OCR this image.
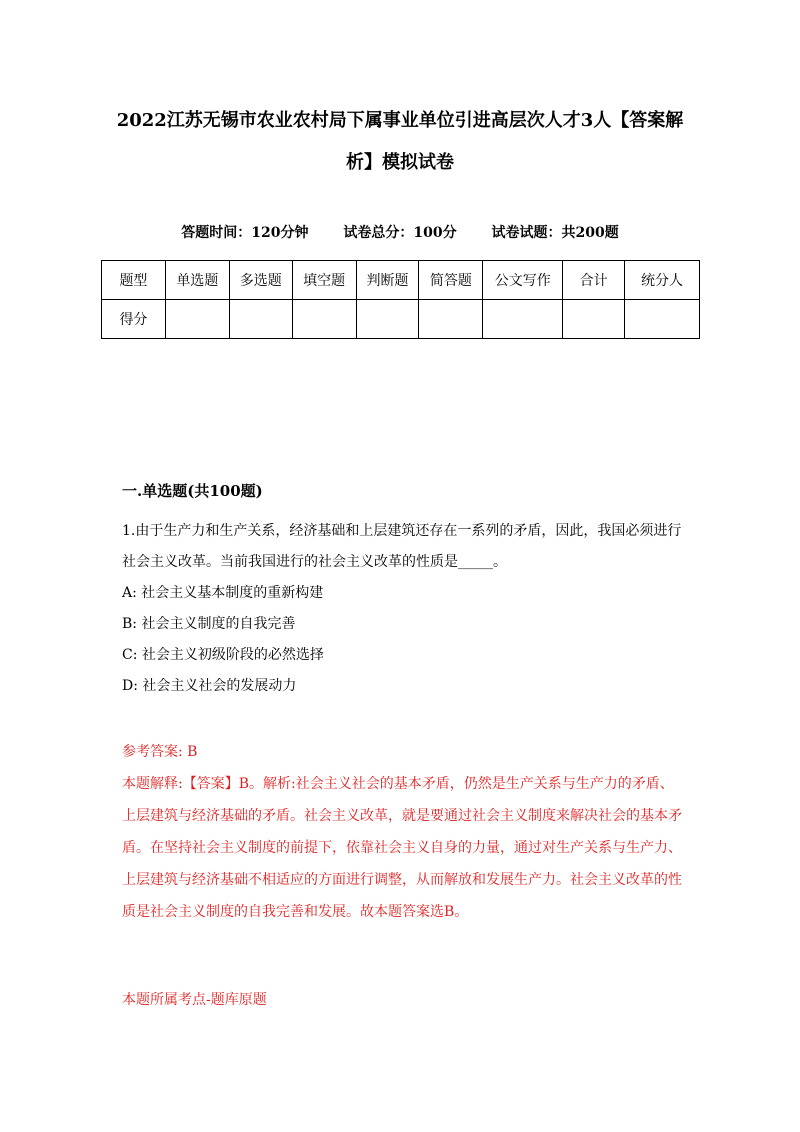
2022江苏无锡市农业农村局下属事业单位引进高层次人才3人【答案解析】模拟试卷
答题时间：120分钟 试卷总分：100分 试卷试题：共200题
题型	单选题	多选题	填空题	判断题	简答题	公文写作	合计	统分人
得分								
一.单选题(共100题)

1.由于生产力和生产关系，经济基础和上层建筑还存在一系列的矛盾，因此，我国必须进行社会主义改革。当前我国进行的社会主义改革的性质是_____。

A: 社会主义基本制度的重新构建

B: 社会主义制度的自我完善

C: 社会主义初级阶段的必然选择

D: 社会主义社会的发展动力

参考答案: B

本题解释:【答案】B。解析:社会主义社会的基本矛盾，仍然是生产关系与生产力的矛盾、上层建筑与经济基础的矛盾。社会主义改革，就是要通过社会主义制度来解决社会的基本矛盾。在坚持社会主义制度的前提下，依靠社会主义自身的力量，通过对生产关系与生产力、上层建筑与经济基础不相适应的方面进行调整，从而解放和发展生产力。社会主义改革的性质是社会主义制度的自我完善和发展。故本题答案选B。

本题所属考点-题库原题
